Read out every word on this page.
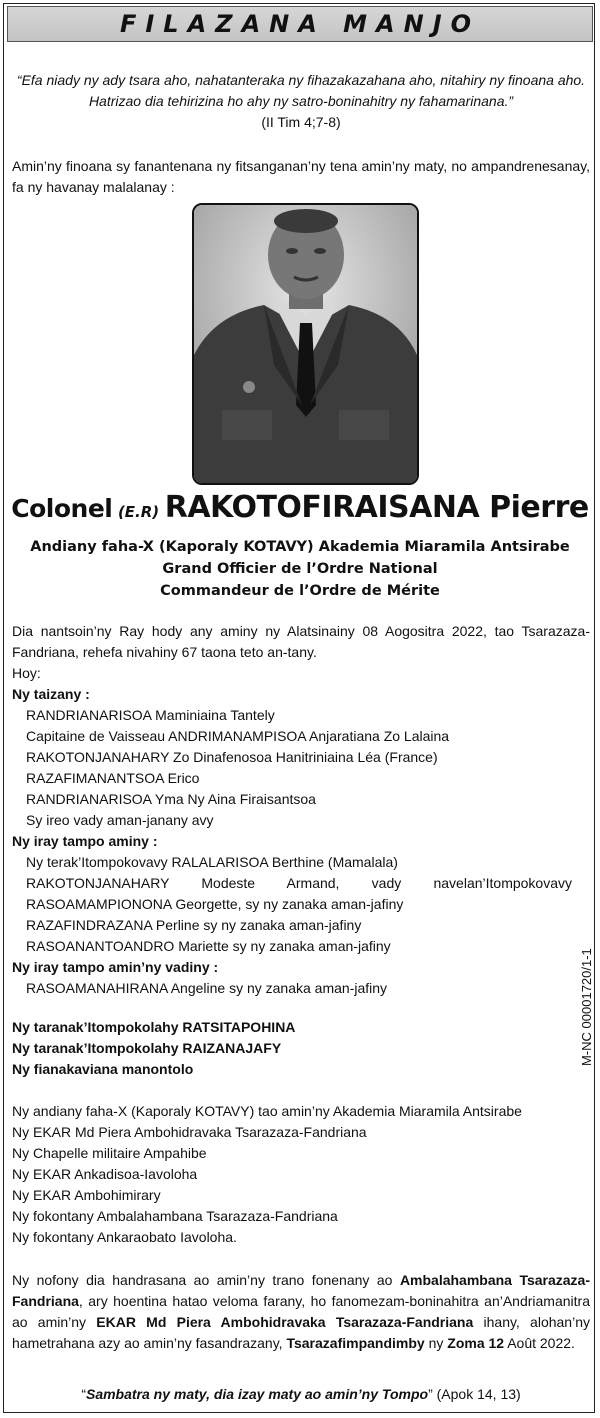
FILAZANA MANJO
“Efa niady ny ady tsara aho, nahatanteraka ny fihazakazahana aho, nitahiry ny finoana aho. Hatrizao dia tehirizina ho ahy ny satro-boninahitry ny fahamarinana.”
(II Tim 4;7-8)
Amin’ny finoana sy fanantenana ny fitsanganan’ny tena amin’ny maty, no ampandrenesanay, fa ny havanay malalanay :
Colonel (E.R) RAKOTOFIRAISANA Pierre
Andiany faha-X (Kaporaly KOTAVY) Akademia Miaramila Antsirabe
Grand Officier de l’Ordre National
Commandeur de l’Ordre de Mérite
Dia nantsoin’ny Ray hody any aminy ny Alatsinainy 08 Aogositra 2022, tao Tsarazaza-Fandriana, rehefa nivahiny 67 taona teto an-tany.
Hoy:
Ny taizany :
RANDRIANARISOA Maminiaina Tantely
Capitaine de Vaisseau ANDRIMANAMPISOA Anjaratiana Zo Lalaina
RAKOTONJANAHARY Zo Dinafenosoa Hanitriniaina Léa (France)
RAZAFIMANANTSOA Erico
RANDRIANARISOA Yma Ny Aina Firaisantsoa
Sy ireo vady aman-janany avy
Ny iray tampo aminy :
Ny terak’Itompokovavy RALALARISOA Berthine (Mamalala)
RAKOTONJANAHARY Modeste Armand, vady navelan’Itompokovavy RASOAMAMPIONONA Georgette, sy ny zanaka aman-jafiny
RAZAFINDRAZANA Perline sy ny zanaka aman-jafiny
RASOANANTOANDRO Mariette sy ny zanaka aman-jafiny
Ny iray tampo amin’ny vadiny :
RASOAMANAHIRANA Angeline sy ny zanaka aman-jafiny
Ny taranak’Itompokolahy RATSITAPOHINA
Ny taranak’Itompokolahy RAIZANAJAFY
Ny fianakaviana manontolo
Ny andiany faha-X (Kaporaly KOTAVY) tao amin’ny Akademia Miaramila Antsirabe
Ny EKAR Md Piera Ambohidravaka Tsarazaza-Fandriana
Ny Chapelle militaire Ampahibe
Ny EKAR Ankadisoa-Iavoloha
Ny EKAR Ambohimirary
Ny fokontany Ambalahambana Tsarazaza-Fandriana
Ny fokontany Ankaraobato Iavoloha.
Ny nofony dia handrasana ao amin’ny trano fonenany ao Ambalahambana Tsarazaza-Fandriana, ary hoentina hatao veloma farany, ho fanomezam-boninahitra an’Andriamanitra ao amin’ny EKAR Md Piera Ambohidravaka Tsarazaza-Fandriana ihany, alohan’ny hametrahana azy ao amin’ny fasandrazany, Tsarazafimpandimby ny Zoma 12 Août 2022.
“Sambatra ny maty, dia izay maty ao amin’ny Tompo” (Apok 14, 13)
M-NC 00001720/1-1
